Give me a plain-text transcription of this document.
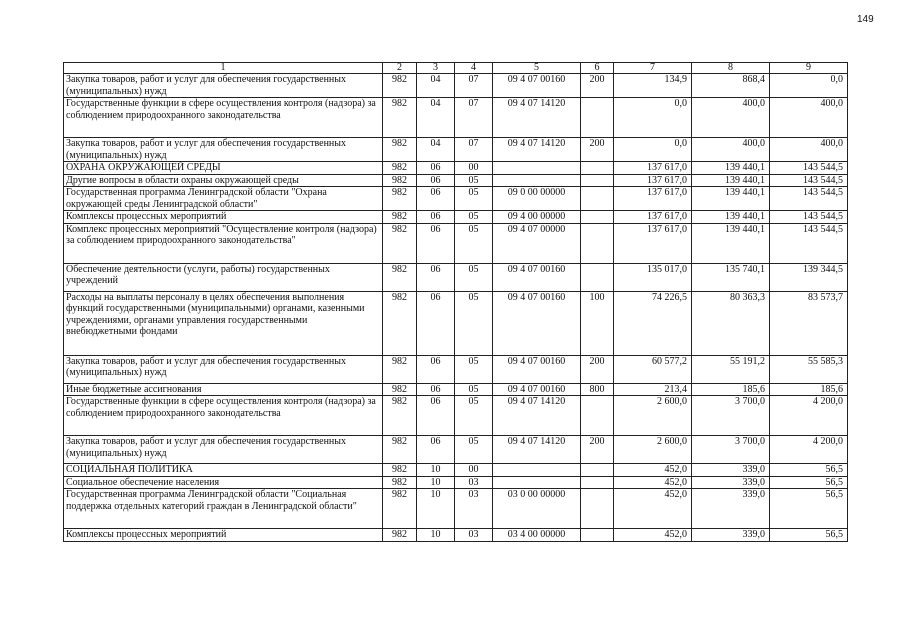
149
1	2	3	4	5	6	7	8	9
Закупка товаров, работ и услуг для обеспечения государственных (муниципальных) нужд	982	04	07	09 4 07 00160	200	134,9	868,4	0,0
Государственные функции в сфере осуществления контроля (надзора) за соблюдением природоохранного законодательства	982	04	07	09 4 07 14120		0,0	400,0	400,0
Закупка товаров, работ и услуг для обеспечения государственных (муниципальных) нужд	982	04	07	09 4 07 14120	200	0,0	400,0	400,0
ОХРАНА ОКРУЖАЮЩЕЙ СРЕДЫ	982	06	00			137 617,0	139 440,1	143 544,5
Другие вопросы в области охраны окружающей среды	982	06	05			137 617,0	139 440,1	143 544,5
Государственная программа Ленинградской области "Охрана окружающей среды Ленинградской области"	982	06	05	09 0 00 00000		137 617,0	139 440,1	143 544,5
Комплексы процессных мероприятий	982	06	05	09 4 00 00000		137 617,0	139 440,1	143 544,5
Комплекс процессных мероприятий "Осуществление контроля (надзора) за соблюдением природоохранного законодательства"	982	06	05	09 4 07 00000		137 617,0	139 440,1	143 544,5
Обеспечение деятельности (услуги, работы) государственных учреждений	982	06	05	09 4 07 00160		135 017,0	135 740,1	139 344,5
Расходы на выплаты персоналу в целях обеспечения выполнения функций государственными (муниципальными) органами, казенными учреждениями, органами управления государственными внебюджетными фондами	982	06	05	09 4 07 00160	100	74 226,5	80 363,3	83 573,7
Закупка товаров, работ и услуг для обеспечения государственных (муниципальных) нужд	982	06	05	09 4 07 00160	200	60 577,2	55 191,2	55 585,3
Иные бюджетные ассигнования	982	06	05	09 4 07 00160	800	213,4	185,6	185,6
Государственные функции в сфере осуществления контроля (надзора) за соблюдением природоохранного законодательства	982	06	05	09 4 07 14120		2 600,0	3 700,0	4 200,0
Закупка товаров, работ и услуг для обеспечения государственных (муниципальных) нужд	982	06	05	09 4 07 14120	200	2 600,0	3 700,0	4 200,0
СОЦИАЛЬНАЯ ПОЛИТИКА	982	10	00			452,0	339,0	56,5
Социальное обеспечение населения	982	10	03			452,0	339,0	56,5
Государственная программа Ленинградской области "Социальная поддержка отдельных категорий граждан в Ленинградской области"	982	10	03	03 0 00 00000		452,0	339,0	56,5
Комплексы процессных мероприятий	982	10	03	03 4 00 00000		452,0	339,0	56,5
